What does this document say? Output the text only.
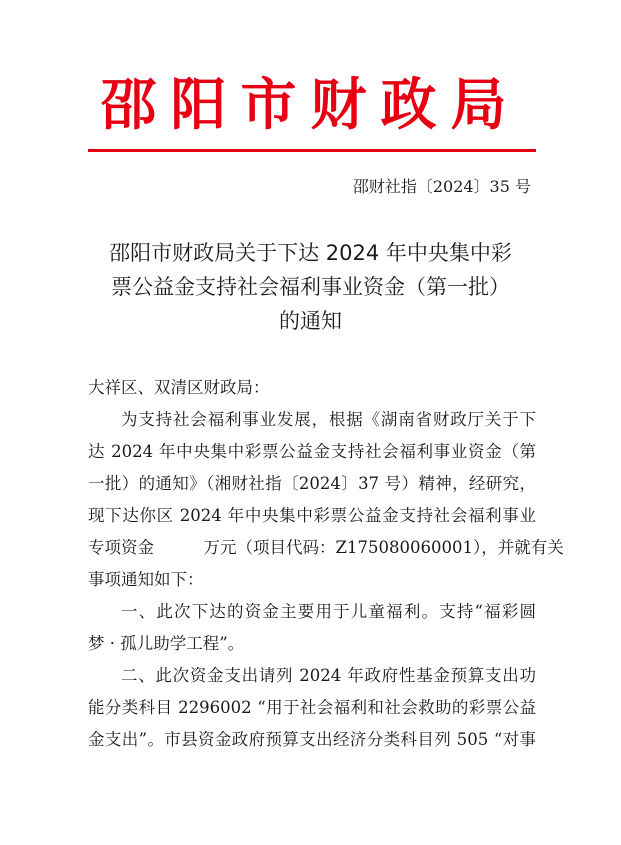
邵阳市财政局
邵财社指〔2024〕35 号
邵阳市财政局关于下达 2024 年中央集中彩
票公益金支持社会福利事业资金（第一批）
的通知

大祥区、双清区财政局：

为支持社会福利事业发展，根据《湖南省财政厅关于下
达 2024 年中央集中彩票公益金支持社会福利事业资金（第
一批）的通知》（湘财社指〔2024〕37 号）精神，经研究，
现下达你区 2024 年中央集中彩票公益金支持社会福利事业
专项资金	万元（项目代码：Z175080060001），并就有关
事项通知如下：

一、此次下达的资金主要用于儿童福利。支持“福彩圆
梦 · 孤儿助学工程”。

二、此次资金支出请列 2024 年政府性基金预算支出功
能分类科目 2296002 “用于社会福利和社会救助的彩票公益
金支出”。市县资金政府预算支出经济分类科目列 505 “对事
